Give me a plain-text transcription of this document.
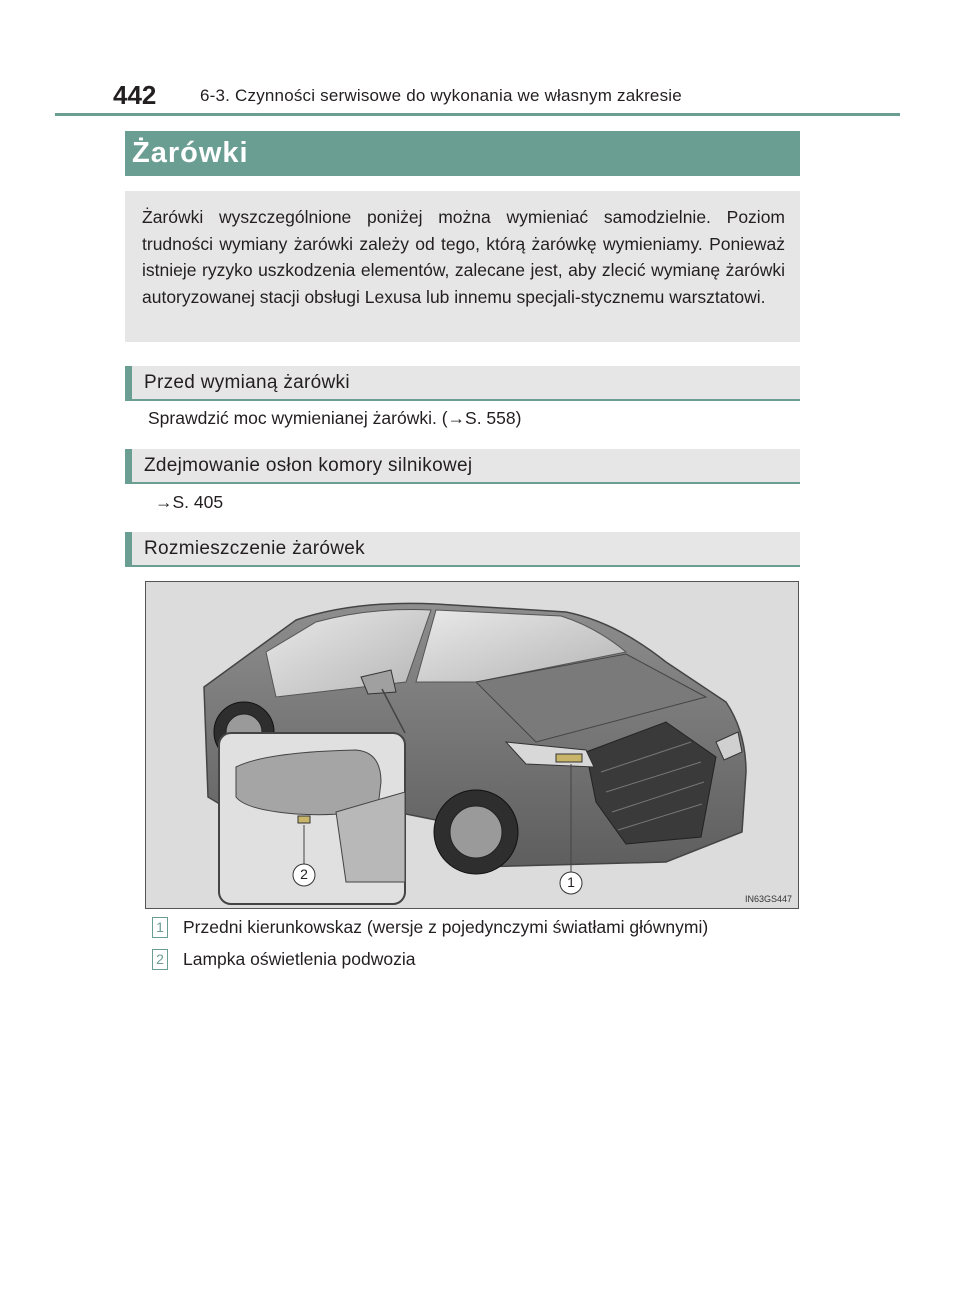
442	6-3. Czynności serwisowe do wykonania we własnym zakresie
Żarówki
Żarówki wyszczególnione poniżej można wymieniać samodzielnie. Poziom trudności wymiany żarówki zależy od tego, którą żarówkę wymieniamy. Ponieważ istnieje ryzyko uszkodzenia elementów, zalecane jest, aby zlecić wymianę żarówki autoryzowanej stacji obsługi Lexusa lub innemu specjali-stycznemu warsztatowi.
Przed wymianą żarówki
Sprawdzić moc wymienianej żarówki. (→S. 558)
Zdejmowanie osłon komory silnikowej
→S. 405
Rozmieszczenie żarówek
2	1
IN63GS447
1 Przedni kierunkowskaz (wersje z pojedynczymi światłami głównymi)
2 Lampka oświetlenia podwozia
